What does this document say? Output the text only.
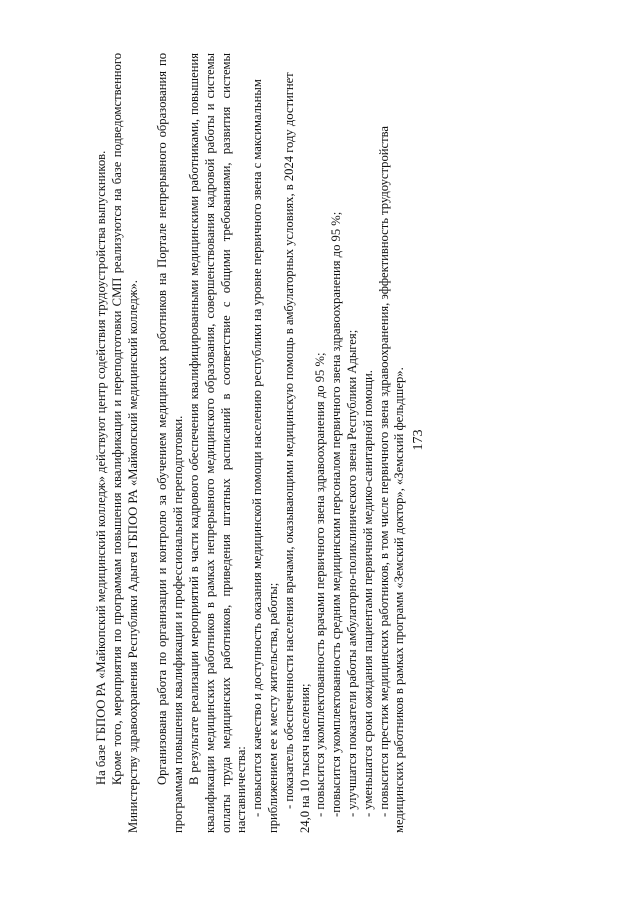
173

На базе ГБПОО РА «Майкопский медицинский колледж» действуют центр содействия трудоустройства выпускников. Кроме того, мероприятия по программам повышения квалификации и переподготовки СМП реализуются на базе подведомственного Министерству здравоохранения Республики Адыгея ГБПОО РА «Майкопский медицинский колледж». Организована работа по организации и контролю за обучением медицинских работников на Портале непрерывного образования по программам повышения квалификации и профессиональной переподготовки. В результате реализации мероприятий в части кадрового обеспечения квалифицированными медицинскими работниками, повышения квалификации медицинских работников в рамках непрерывного медицинского образования, совершенствования кадровой работы и системы оплаты труда медицинских работников, приведения штатных расписаний в соответствие с общими требованиями, развития системы наставничества: - повысится качество и доступность оказания медицинской помощи населению республики на уровне первичного звена с максимальным приближением ее к месту жительства, работы; - показатель обеспеченности населения врачами, оказывающими медицинскую помощь в амбулаторных условиях, в 2024 году достигнет 24,0 на 10 тысяч населения; - повысится укомплектованность врачами первичного звена здравоохранения до 95 %; -повысится укомплектованность средним медицинским персоналом первичного звена здравоохранения до 95 %; - улучшатся показатели работы амбулаторно-поликлинического звена Республики Адыгея; - уменьшатся сроки ожидания пациентами первичной медико-санитарной помощи. - повысится престиж медицинских работников, в том числе первичного звена здравоохранения, эффективность трудоустройства медицинских работников в рамках программ «Земский доктор», «Земский фельдшер».
